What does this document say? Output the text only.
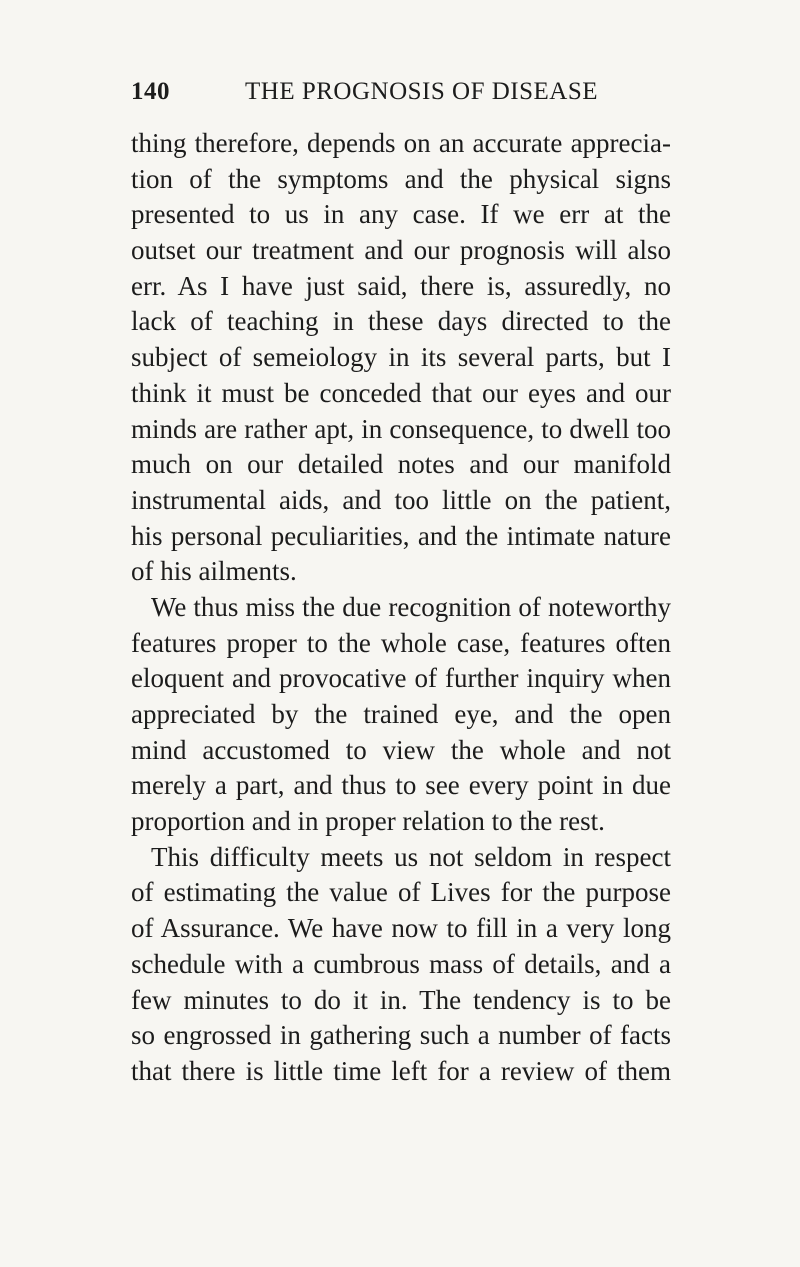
140	THE PROGNOSIS OF DISEASE
thing therefore, depends on an accurate apprecia-
tion of the symptoms and the physical signs
presented to us in any case. If we err at the
outset our treatment and our prognosis will also
err. As I have just said, there is, assuredly, no
lack of teaching in these days directed to the
subject of semeiology in its several parts, but I
think it must be conceded that our eyes and our
minds are rather apt, in consequence, to dwell too
much on our detailed notes and our manifold
instrumental aids, and too little on the patient,
his personal peculiarities, and the intimate nature
of his ailments.
We thus miss the due recognition of noteworthy
features proper to the whole case, features often
eloquent and provocative of further inquiry when
appreciated by the trained eye, and the open
mind accustomed to view the whole and not
merely a part, and thus to see every point in due
proportion and in proper relation to the rest.
This difficulty meets us not seldom in respect
of estimating the value of Lives for the purpose
of Assurance. We have now to fill in a very long
schedule with a cumbrous mass of details, and a
few minutes to do it in. The tendency is to be
so engrossed in gathering such a number of facts
that there is little time left for a review of them
